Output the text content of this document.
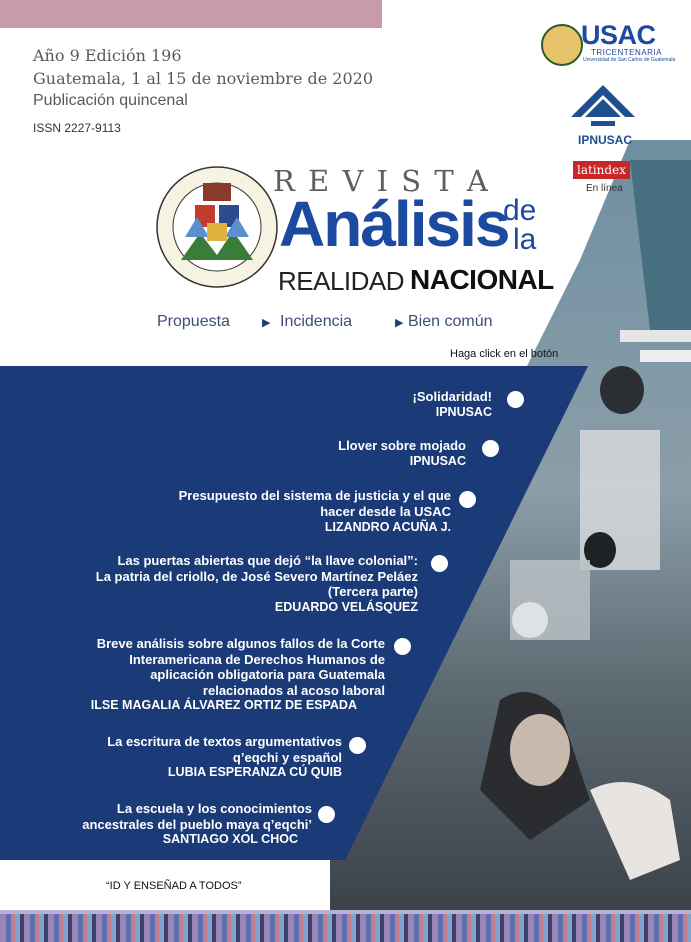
Año 9 Edición 196
Guatemala, 1 al 15 de noviembre de 2020
Publicación quincenal
ISSN 2227-9113
USAC
TRICENTENARIA
Universidad de San Carlos de Guatemala
IPNUSAC
latindex
En línea
R E V I S T A
Análisis
de
la
REALIDAD NACIONAL
Propuesta	▶ Incidencia	▶ Bien común
Haga click en el botón
¡Solidaridad!
IPNUSAC
Llover sobre mojado
IPNUSAC
Presupuesto del sistema de justicia y el que
hacer desde la USAC
LIZANDRO ACUÑA J.
Las puertas abiertas que dejó “la llave colonial”:
La patria del criollo, de José Severo Martínez Peláez
(Tercera parte)
EDUARDO VELÁSQUEZ
Breve análisis sobre algunos fallos de la Corte
Interamericana de Derechos Humanos de
aplicación obligatoria para Guatemala
relacionados al acoso laboral
ILSE MAGALIA ÁLVAREZ ORTIZ DE ESPADA
La escritura de textos argumentativos
q’eqchi y español
LUBIA ESPERANZA CÚ QUIB
La escuela y los conocimientos
ancestrales del pueblo maya q’eqchi’
SANTIAGO XOL CHOC
“ID Y ENSEÑAD A TODOS”
